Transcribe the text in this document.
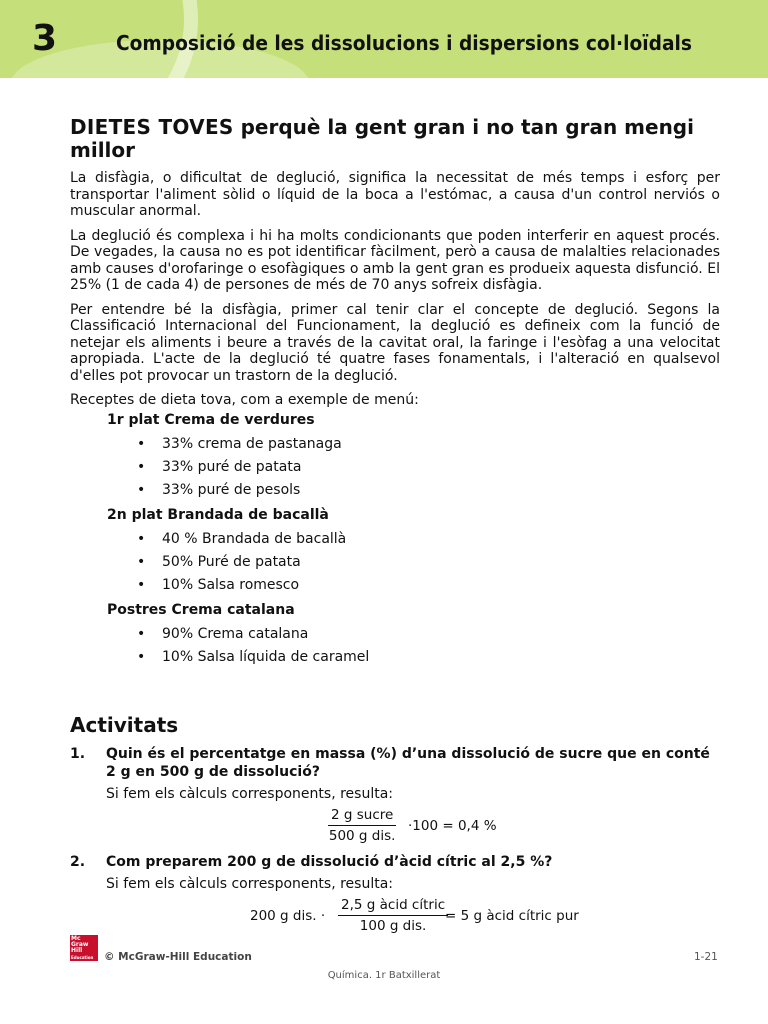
3	Composició de les dissolucions i dispersions col·loïdals
DIETES TOVES perquè la gent gran i no tan gran mengi millor

La disfàgia, o dificultat de deglució, significa la necessitat de més temps i esforç per transportar l'aliment sòlid o líquid de la boca a l'estómac, a causa d'un control nerviós o muscular anormal.

La deglució és complexa i hi ha molts condicionants que poden interferir en aquest procés. De vegades, la causa no es pot identificar fàcilment, però a causa de malalties relacionades amb causes d'orofaringe o esofàgiques o amb la gent gran es produeix aquesta disfunció. El 25% (1 de cada 4) de persones de més de 70 anys sofreix disfàgia.

Per entendre bé la disfàgia, primer cal tenir clar el concepte de deglució. Segons la Classificació Internacional del Funcionament, la deglució es defineix com la funció de netejar els aliments i beure a través de la cavitat oral, la faringe i l'esòfag a una velocitat apropiada. L'acte de la deglució té quatre fases fonamentals, i l'alteració en qualsevol d'elles pot provocar un trastorn de la deglució.

Receptes de dieta tova, com a exemple de menú:

1r plat Crema de verdures
• 33% crema de pastanaga
• 33% puré de patata
• 33% puré de pesols
2n plat Brandada de bacallà
• 40 % Brandada de bacallà
• 50% Puré de patata
• 10% Salsa romesco
Postres Crema catalana
• 90% Crema catalana
• 10% Salsa líquida de caramel
Activitats
1.	Quin és el percentatge en massa (%) d’una dissolució de sucre que en conté 2 g en 500 g de dissolució?
Si fem els càlculs corresponents, resulta:
2 g sucre
500 g dis.
·100 = 0,4 %
2.	Com preparem 200 g de dissolució d’àcid cítric al 2,5 %?
Si fem els càlculs corresponents, resulta:
200 g dis. ·
2,5 g àcid cítric
100 g dis.
= 5 g àcid cítric pur
Mc
Graw
Hill
Education	© McGraw-Hill Education	1-21
Química. 1r Batxillerat
